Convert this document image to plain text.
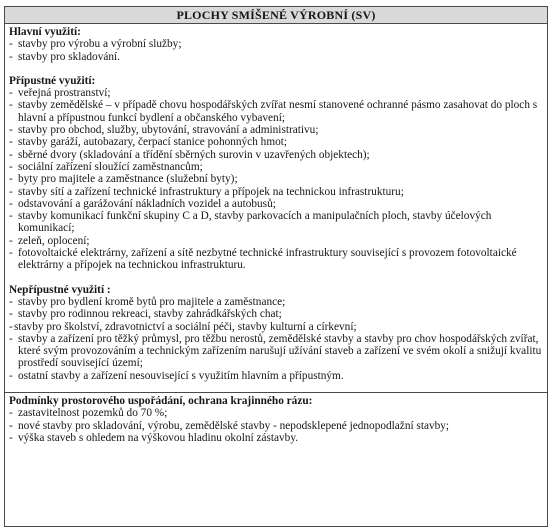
PLOCHY SMÍŠENÉ VÝROBNÍ (SV)

Hlavní využití:

- stavby pro výrobu a výrobní služby;
- stavby pro skladování.

Přípustné využití:

- veřejná prostranství;
- stavby zemědělské – v případě chovu hospodářských zvířat nesmí stanovené ochranné pásmo zasahovat do ploch s hlavní a přípustnou funkcí bydlení a občanského vybavení;
- stavby pro obchod, služby, ubytování, stravování a administrativu;
- stavby garáží, autobazary, čerpací stanice pohonných hmot;
- sběrné dvory (skladování a třídění sběrných surovin v uzavřených objektech);
- sociální zařízení sloužící zaměstnancům;
- byty pro majitele a zaměstnance (služební byty);
- stavby sítí a zařízení technické infrastruktury a přípojek na technickou infrastrukturu;
- odstavování a garážování nákladních vozidel a autobusů;
- stavby komunikací funkční skupiny C a D, stavby parkovacích a manipulačních ploch, stavby účelových komunikací;
- zeleň, oplocení;
- fotovoltaické elektrárny, zařízení a sítě nezbytné technické infrastruktury související s provozem fotovoltaické elektrárny a přípojek na technickou infrastrukturu.

Nepřípustné využití :

- stavby pro bydlení kromě bytů pro majitele a zaměstnance;
- stavby pro rodinnou rekreaci, stavby zahrádkářských chat;
- stavby pro školství, zdravotnictví a sociální péči, stavby kulturní a církevní;
- stavby a zařízení pro těžký průmysl, pro těžbu nerostů, zemědělské stavby a stavby pro chov hospodářských zvířat, které svým provozováním a technickým zařízením narušují užívání staveb a zařízení ve svém okolí a snižují kvalitu prostředí související území;
- ostatní stavby a zařízení nesouvisející s využitím hlavním a přípustným.

Podmínky prostorového uspořádání, ochrana krajinného rázu:

- zastavitelnost pozemků do 70 %;
- nové stavby pro skladování, výrobu, zemědělské stavby - nepodsklepené jednopodlažní stavby;
- výška staveb s ohledem na výškovou hladinu okolní zástavby.
